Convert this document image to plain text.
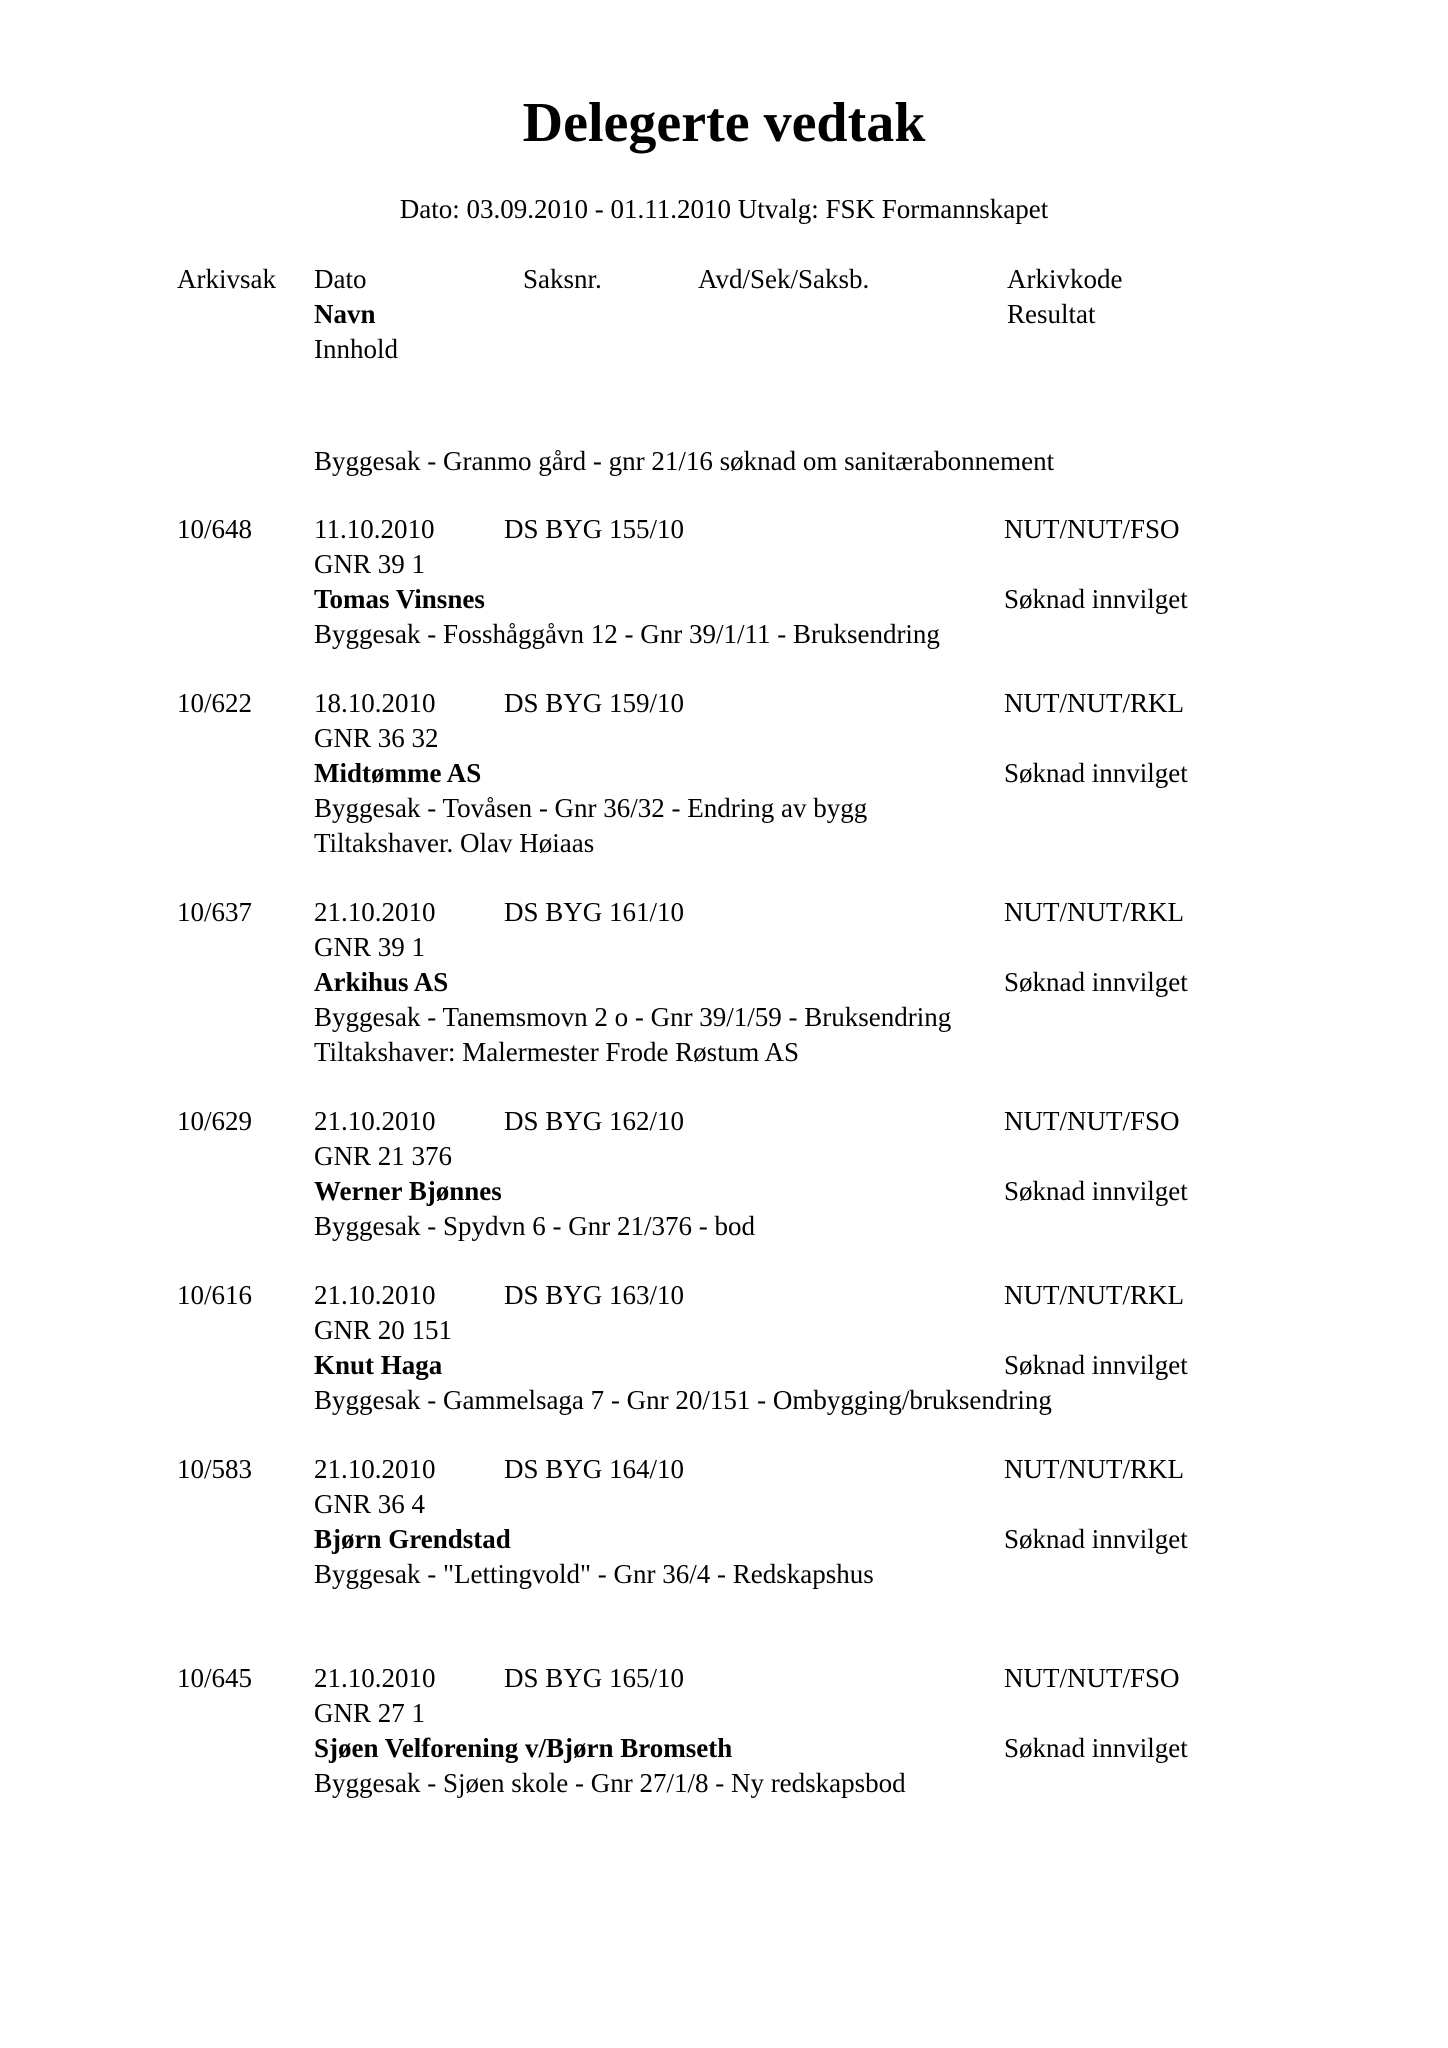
Delegerte vedtak
Dato: 03.09.2010 - 01.11.2010 Utvalg: FSK Formannskapet
Arkivsak Dato	Saksnr.	Avd/Sek/Saksb.	Arkivkode
Navn	Resultat
Innhold
Byggesak - Granmo gård - gnr 21/16 søknad om sanitærabonnement
10/648 11.10.2010	DS BYG 155/10	NUT/NUT/FSO
GNR 39 1
Tomas Vinsnes	Søknad innvilget
Byggesak - Fosshåggåvn 12 - Gnr 39/1/11 - Bruksendring
10/622 18.10.2010	DS BYG 159/10	NUT/NUT/RKL
GNR 36 32
Midtømme AS	Søknad innvilget
Byggesak - Tovåsen - Gnr 36/32 - Endring av bygg
Tiltakshaver. Olav Høiaas
10/637 21.10.2010	DS BYG 161/10	NUT/NUT/RKL
GNR 39 1
Arkihus AS	Søknad innvilget
Byggesak - Tanemsmovn 2 o - Gnr 39/1/59 - Bruksendring
Tiltakshaver: Malermester Frode Røstum AS
10/629 21.10.2010	DS BYG 162/10	NUT/NUT/FSO
GNR 21 376
Werner Bjønnes	Søknad innvilget
Byggesak - Spydvn 6 - Gnr 21/376 - bod
10/616 21.10.2010	DS BYG 163/10	NUT/NUT/RKL
GNR 20 151
Knut Haga	Søknad innvilget
Byggesak - Gammelsaga 7 - Gnr 20/151 - Ombygging/bruksendring
10/583 21.10.2010	DS BYG 164/10	NUT/NUT/RKL
GNR 36 4
Bjørn Grendstad	Søknad innvilget
Byggesak - "Lettingvold" - Gnr 36/4 - Redskapshus
10/645 21.10.2010	DS BYG 165/10	NUT/NUT/FSO
GNR 27 1
Sjøen Velforening v/Bjørn Bromseth	Søknad innvilget
Byggesak - Sjøen skole - Gnr 27/1/8 - Ny redskapsbod
